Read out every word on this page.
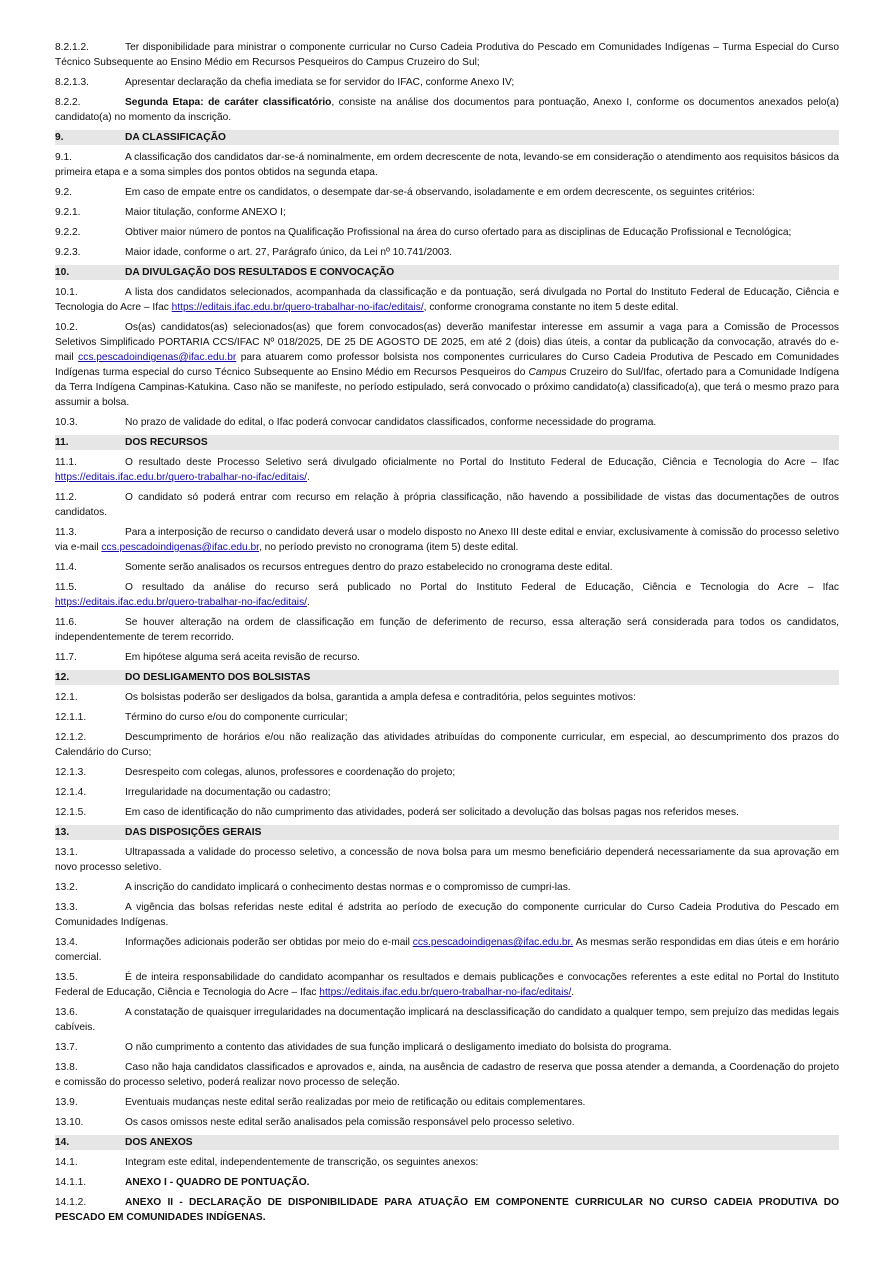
8.2.1.2.	Ter disponibilidade para ministrar o componente curricular no Curso Cadeia Produtiva do Pescado em Comunidades Indígenas – Turma Especial do Curso Técnico Subsequente ao Ensino Médio em Recursos Pesqueiros do Campus Cruzeiro do Sul;
8.2.1.3.	Apresentar declaração da chefia imediata se for servidor do IFAC, conforme Anexo IV;
8.2.2.	Segunda Etapa: de caráter classificatório, consiste na análise dos documentos para pontuação, Anexo I, conforme os documentos anexados pelo(a) candidato(a) no momento da inscrição.
9.	DA CLASSIFICAÇÃO
9.1.	A classificação dos candidatos dar-se-á nominalmente, em ordem decrescente de nota, levando-se em consideração o atendimento aos requisitos básicos da primeira etapa e a soma simples dos pontos obtidos na segunda etapa.
9.2.	Em caso de empate entre os candidatos, o desempate dar-se-á observando, isoladamente e em ordem decrescente, os seguintes critérios:
9.2.1.	Maior titulação, conforme ANEXO I;
9.2.2.	Obtiver maior número de pontos na Qualificação Profissional na área do curso ofertado para as disciplinas de Educação Profissional e Tecnológica;
9.2.3.	Maior idade, conforme o art. 27, Parágrafo único, da Lei nº 10.741/2003.
10.	DA DIVULGAÇÃO DOS RESULTADOS E CONVOCAÇÃO
10.1.	A lista dos candidatos selecionados, acompanhada da classificação e da pontuação, será divulgada no Portal do Instituto Federal de Educação, Ciência e Tecnologia do Acre – Ifac https://editais.ifac.edu.br/quero-trabalhar-no-ifac/editais/, conforme cronograma constante no item 5 deste edital.
10.2.	Os(as) candidatos(as) selecionados(as) que forem convocados(as) deverão manifestar interesse em assumir a vaga para a Comissão de Processos Seletivos Simplificado PORTARIA CCS/IFAC Nº 018/2025, DE 25 DE AGOSTO DE 2025, em até 2 (dois) dias úteis, a contar da publicação da convocação, através do e- mail ccs.pescadoindigenas@ifac.edu.br para atuarem como professor bolsista nos componentes curriculares do Curso Cadeia Produtiva de Pescado em Comunidades Indígenas turma especial do curso Técnico Subsequente ao Ensino Médio em Recursos Pesqueiros do Campus Cruzeiro do Sul/Ifac, ofertado para a Comunidade Indígena da Terra Indígena Campinas-Katukina. Caso não se manifeste, no período estipulado, será convocado o próximo candidato(a) classificado(a), que terá o mesmo prazo para assumir a bolsa.
10.3.	No prazo de validade do edital, o Ifac poderá convocar candidatos classificados, conforme necessidade do programa.
11.	DOS RECURSOS
11.1.	O resultado deste Processo Seletivo será divulgado oficialmente no Portal do Instituto Federal de Educação, Ciência e Tecnologia do Acre – Ifac https://editais.ifac.edu.br/quero-trabalhar-no-ifac/editais/.
11.2.	O candidato só poderá entrar com recurso em relação à própria classificação, não havendo a possibilidade de vistas das documentações de outros candidatos.
11.3.	Para a interposição de recurso o candidato deverá usar o modelo disposto no Anexo III deste edital e enviar, exclusivamente à comissão do processo seletivo via e-mail ccs.pescadoindigenas@ifac.edu.br, no período previsto no cronograma (item 5) deste edital.
11.4.	Somente serão analisados os recursos entregues dentro do prazo estabelecido no cronograma deste edital.
11.5.	O resultado da análise do recurso será publicado no Portal do Instituto Federal de Educação, Ciência e Tecnologia do Acre – Ifac https://editais.ifac.edu.br/quero-trabalhar-no-ifac/editais/.
11.6.	Se houver alteração na ordem de classificação em função de deferimento de recurso, essa alteração será considerada para todos os candidatos, independentemente de terem recorrido.
11.7.	Em hipótese alguma será aceita revisão de recurso.
12.	DO DESLIGAMENTO DOS BOLSISTAS
12.1.	Os bolsistas poderão ser desligados da bolsa, garantida a ampla defesa e contraditória, pelos seguintes motivos:
12.1.1.	Término do curso e/ou do componente curricular;
12.1.2.	Descumprimento de horários e/ou não realização das atividades atribuídas do componente curricular, em especial, ao descumprimento dos prazos do Calendário do Curso;
12.1.3.	Desrespeito com colegas, alunos, professores e coordenação do projeto;
12.1.4.	Irregularidade na documentação ou cadastro;
12.1.5.	Em caso de identificação do não cumprimento das atividades, poderá ser solicitado a devolução das bolsas pagas nos referidos meses.
13.	DAS DISPOSIÇÕES GERAIS
13.1.	Ultrapassada a validade do processo seletivo, a concessão de nova bolsa para um mesmo beneficiário dependerá necessariamente da sua aprovação em novo processo seletivo.
13.2.	A inscrição do candidato implicará o conhecimento destas normas e o compromisso de cumpri-las.
13.3.	A vigência das bolsas referidas neste edital é adstrita ao período de execução do componente curricular do Curso Cadeia Produtiva do Pescado em Comunidades Indígenas.
13.4.	Informações adicionais poderão ser obtidas por meio do e-mail ccs.pescadoindigenas@ifac.edu.br. As mesmas serão respondidas em dias úteis e em horário comercial.
13.5.	É de inteira responsabilidade do candidato acompanhar os resultados e demais publicações e convocações referentes a este edital no Portal do Instituto Federal de Educação, Ciência e Tecnologia do Acre – Ifac https://editais.ifac.edu.br/quero-trabalhar-no-ifac/editais/.
13.6.	A constatação de quaisquer irregularidades na documentação implicará na desclassificação do candidato a qualquer tempo, sem prejuízo das medidas legais cabíveis.
13.7.	O não cumprimento a contento das atividades de sua função implicará o desligamento imediato do bolsista do programa.
13.8.	Caso não haja candidatos classificados e aprovados e, ainda, na ausência de cadastro de reserva que possa atender a demanda, a Coordenação do projeto e comissão do processo seletivo, poderá realizar novo processo de seleção.
13.9.	Eventuais mudanças neste edital serão realizadas por meio de retificação ou editais complementares.
13.10.	Os casos omissos neste edital serão analisados pela comissão responsável pelo processo seletivo.
14.	DOS ANEXOS
14.1.	Integram este edital, independentemente de transcrição, os seguintes anexos:
14.1.1.	ANEXO I - QUADRO DE PONTUAÇÃO.
14.1.2.	ANEXO II - DECLARAÇÃO DE DISPONIBILIDADE PARA ATUAÇÃO EM COMPONENTE CURRICULAR NO CURSO CADEIA PRODUTIVA DO PESCADO EM COMUNIDADES INDÍGENAS.
